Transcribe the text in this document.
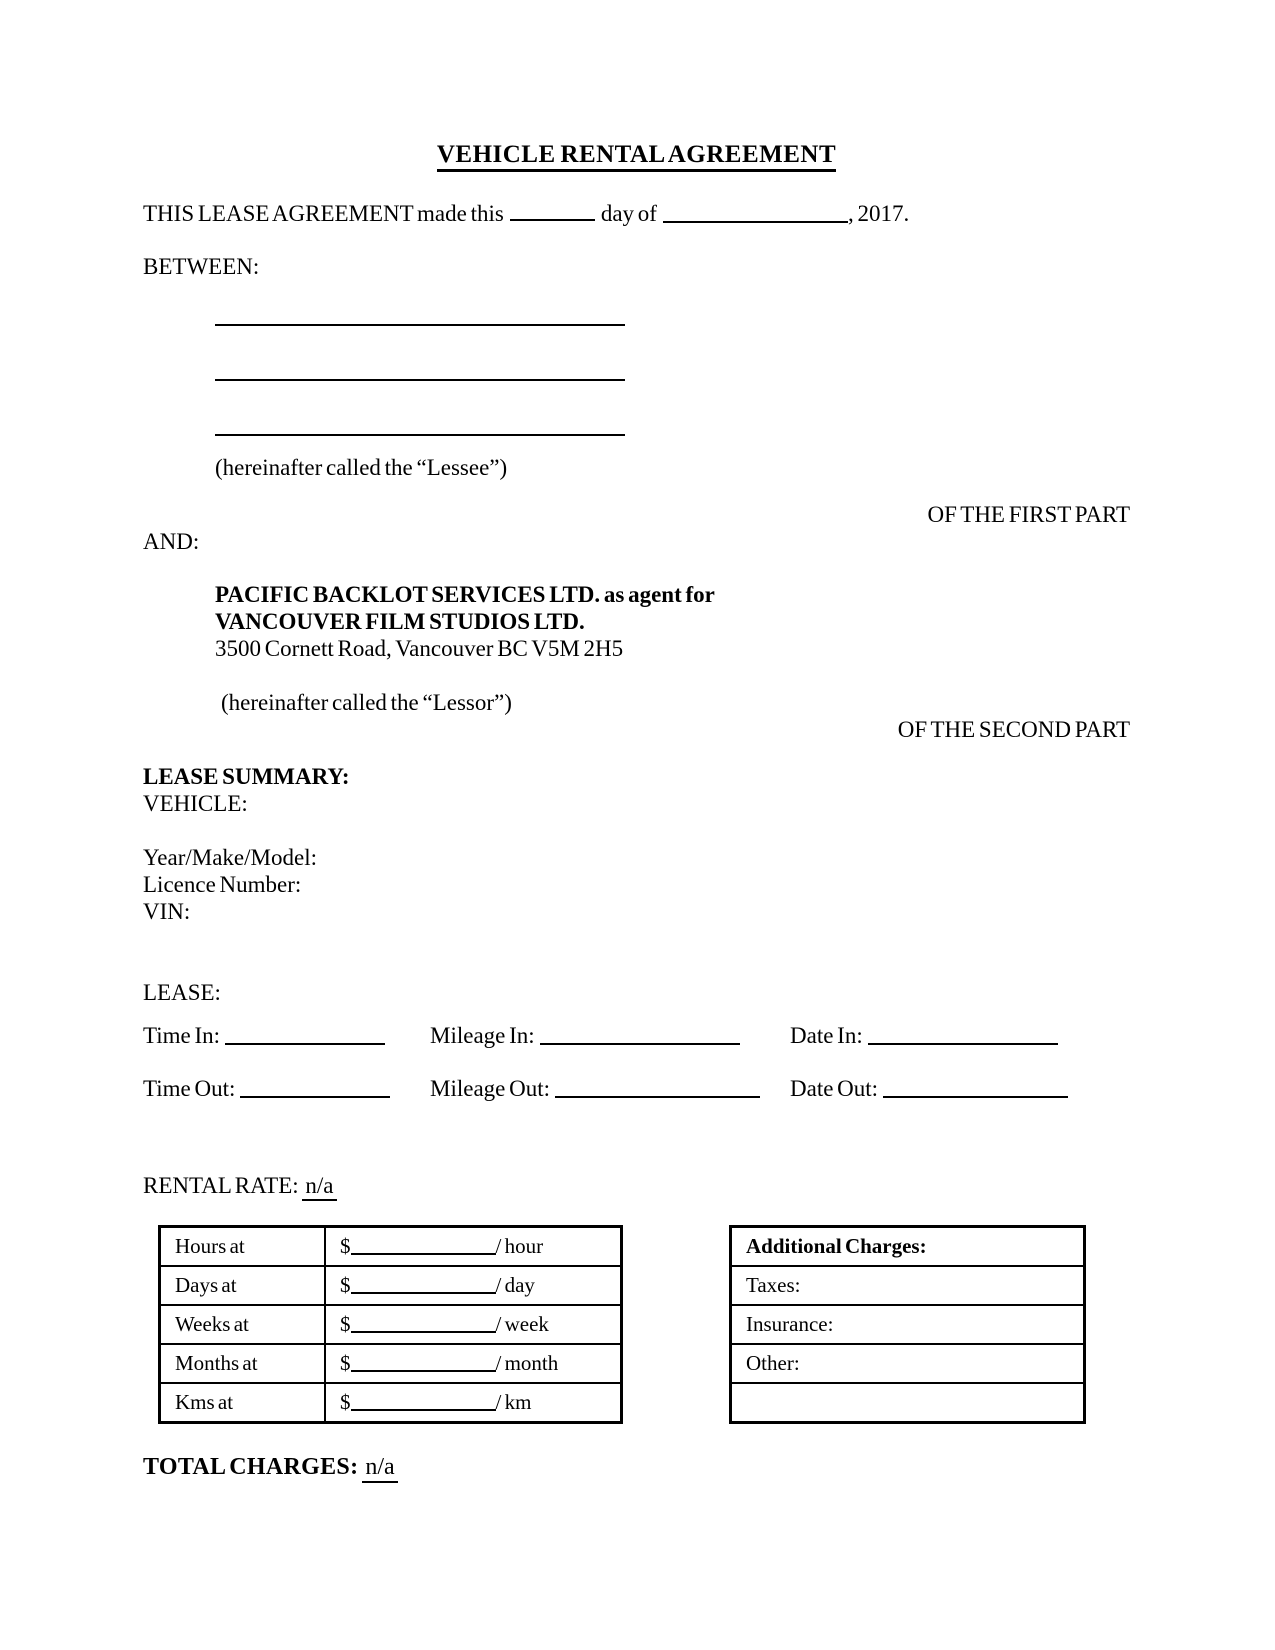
VEHICLE RENTAL AGREEMENT

THIS LEASE AGREEMENT made this	day of	, 2017.

BETWEEN:

(hereinafter called the “Lessee”)

OF THE FIRST PART

AND:

PACIFIC BACKLOT SERVICES LTD. as agent for

VANCOUVER FILM STUDIOS LTD.

3500 Cornett Road, Vancouver BC V5M 2H5

(hereinafter called the “Lessor”)

OF THE SECOND PART

LEASE SUMMARY:

VEHICLE:

Year/Make/Model:

Licence Number:

VIN:

LEASE:

Time In:	Mileage In:	Date In:
Time Out:	Mileage Out:	Date Out:

RENTAL RATE: n/a

Hours at	$ / hour
Days at	$ / day
Weeks at	$ / week
Months at	$ / month
Kms at	$ / km
Additional Charges:
Taxes:
Insurance:
Other:

TOTAL CHARGES: n/a
